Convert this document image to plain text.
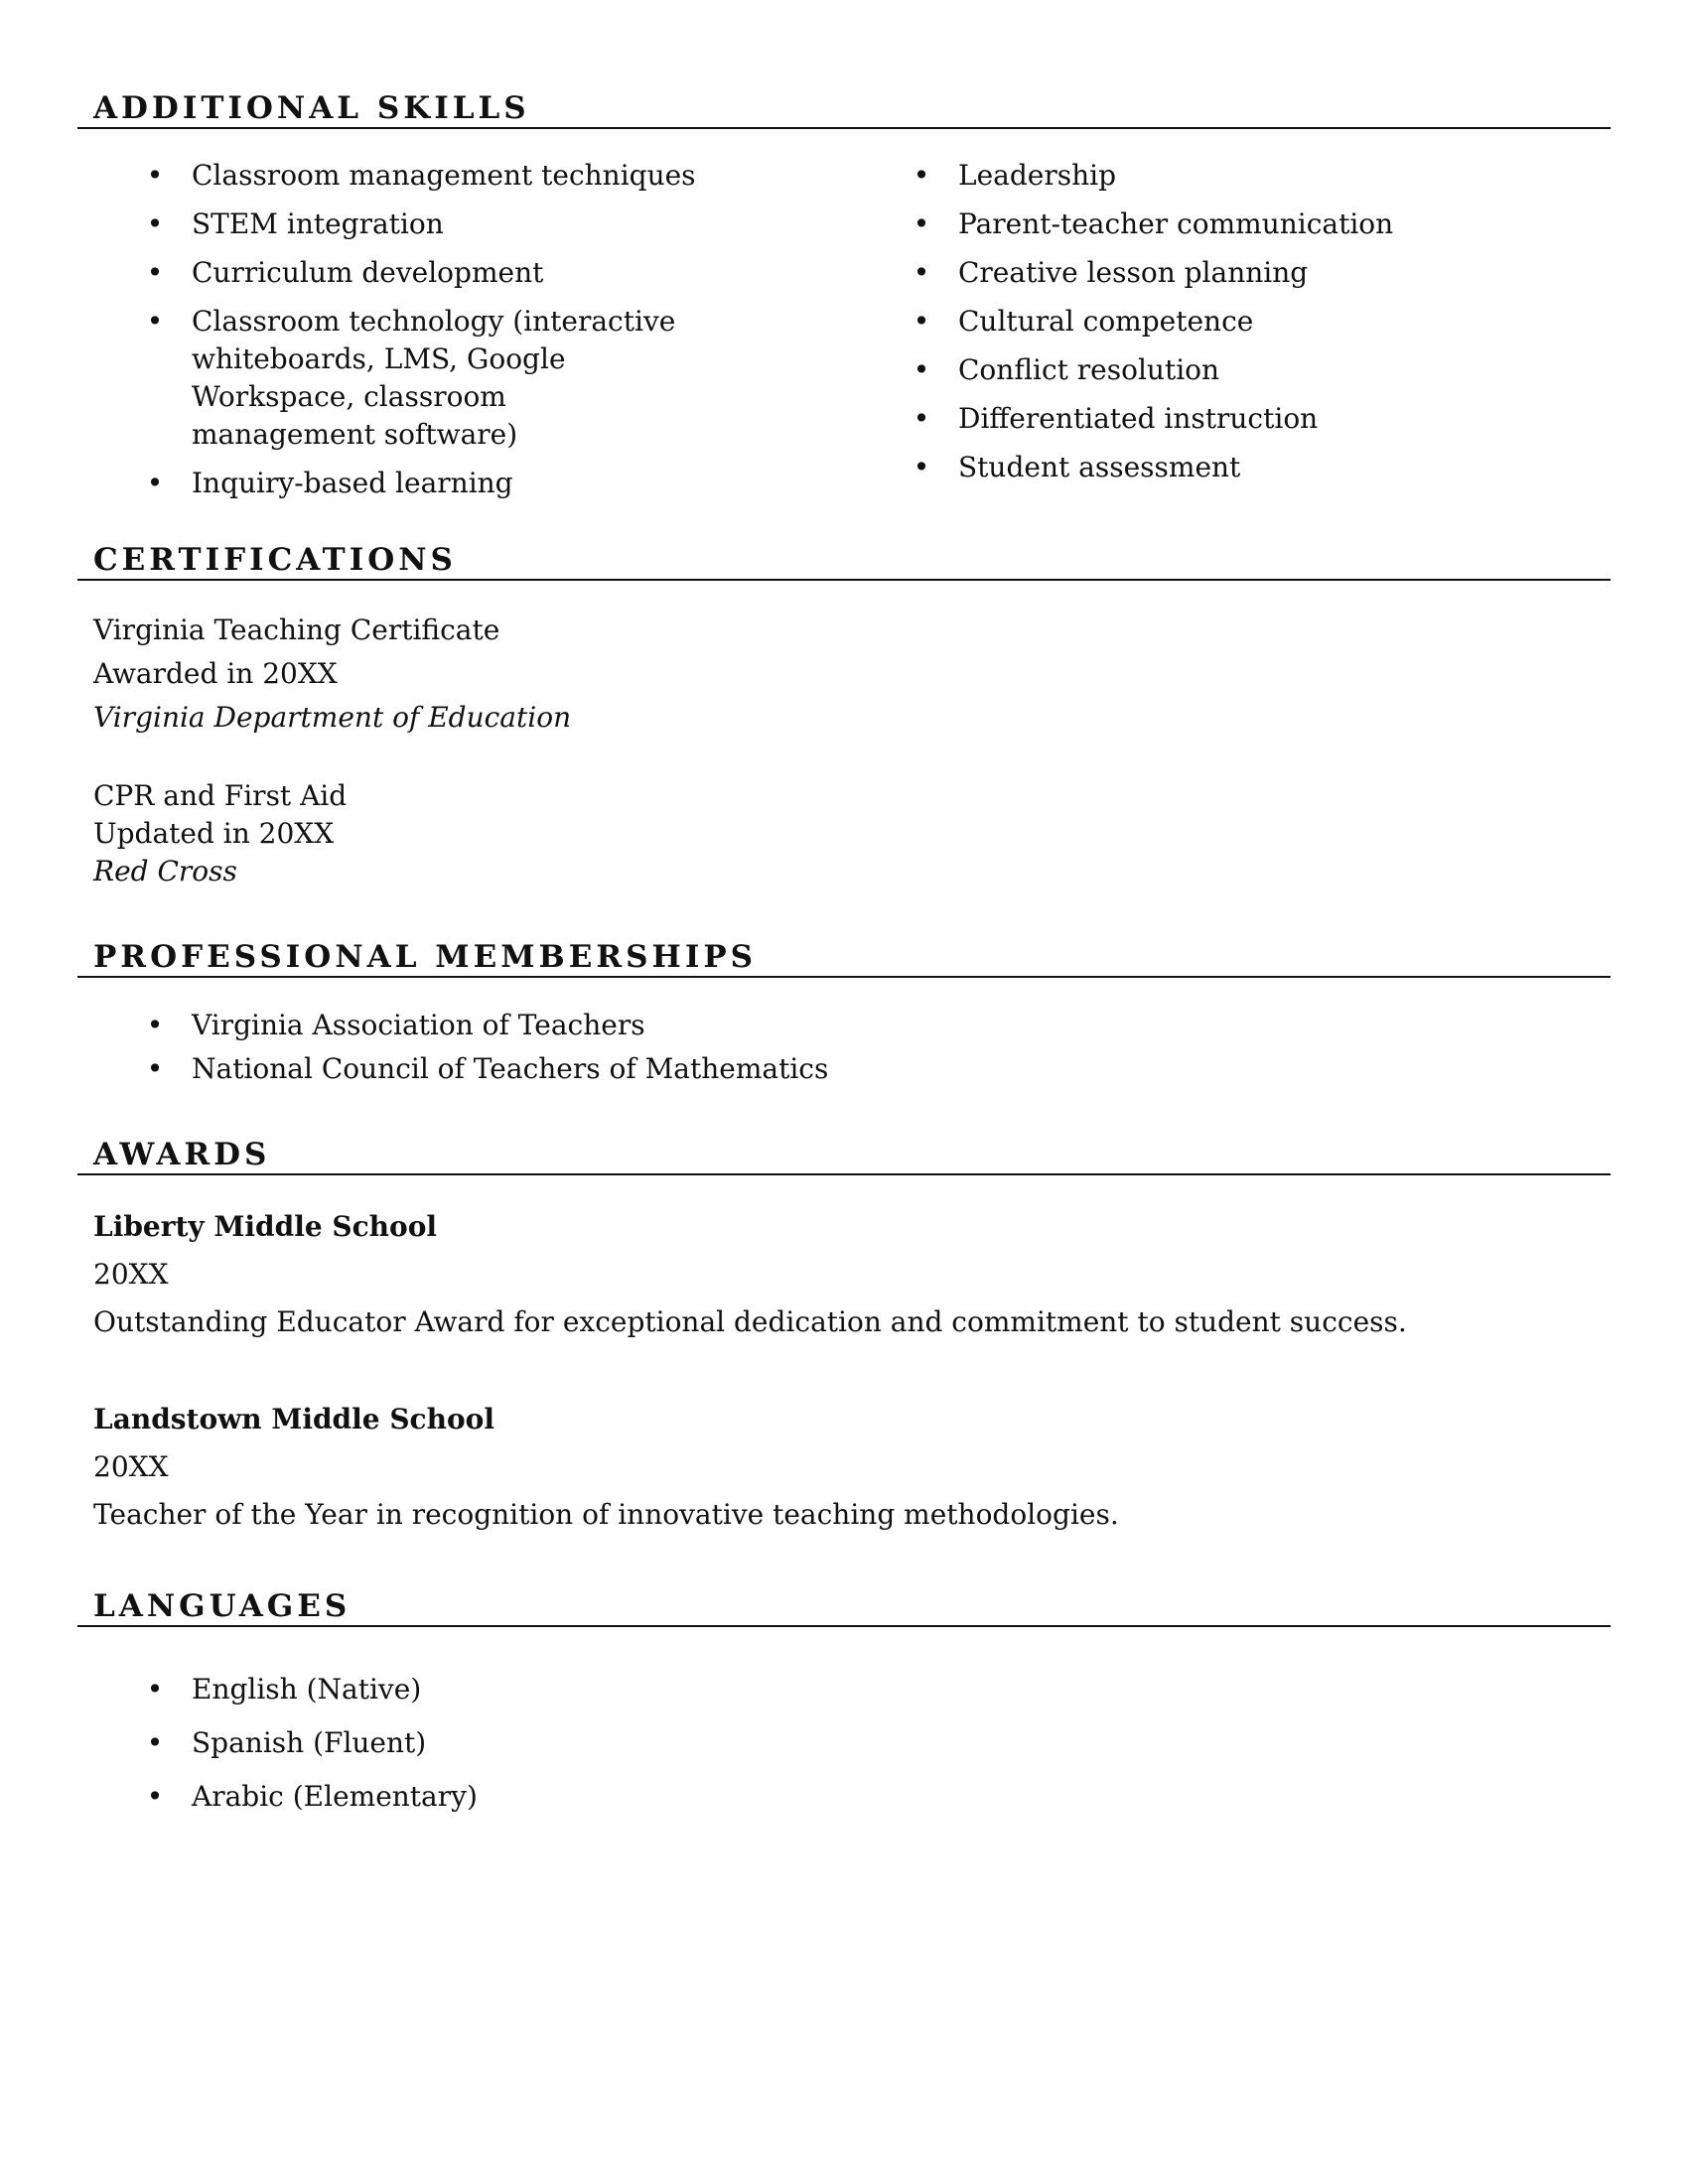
ADDITIONAL SKILLS
• Classroom management techniques
• STEM integration
• Curriculum development
• Classroom technology (interactive whiteboards, LMS, Google Workspace, classroom management software)
• Inquiry-based learning
• Leadership
• Parent-teacher communication
• Creative lesson planning
• Cultural competence
• Conflict resolution
• Differentiated instruction
• Student assessment
CERTIFICATIONS
Virginia Teaching Certificate
Awarded in 20XX
Virginia Department of Education
CPR and First Aid
Updated in 20XX
Red Cross
PROFESSIONAL MEMBERSHIPS
• Virginia Association of Teachers
• National Council of Teachers of Mathematics
AWARDS
Liberty Middle School
20XX
Outstanding Educator Award for exceptional dedication and commitment to student success.
Landstown Middle School
20XX
Teacher of the Year in recognition of innovative teaching methodologies.
LANGUAGES
• English (Native)
• Spanish (Fluent)
• Arabic (Elementary)
